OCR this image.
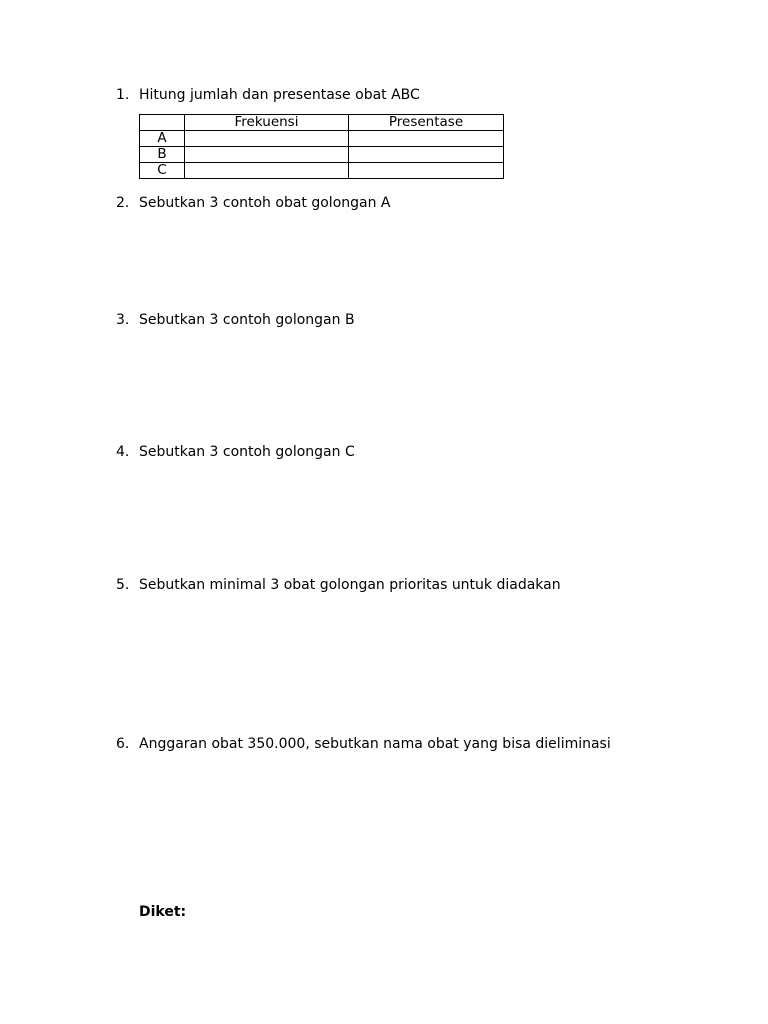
1. Hitung jumlah dan presentase obat ABC
	Frekuensi	Presentase
A		
B		
C		
2. Sebutkan 3 contoh obat golongan A
3. Sebutkan 3 contoh golongan B
4. Sebutkan 3 contoh golongan C
5. Sebutkan minimal 3 obat golongan prioritas untuk diadakan
6. Anggaran obat 350.000, sebutkan nama obat yang bisa dieliminasi
Diket:
